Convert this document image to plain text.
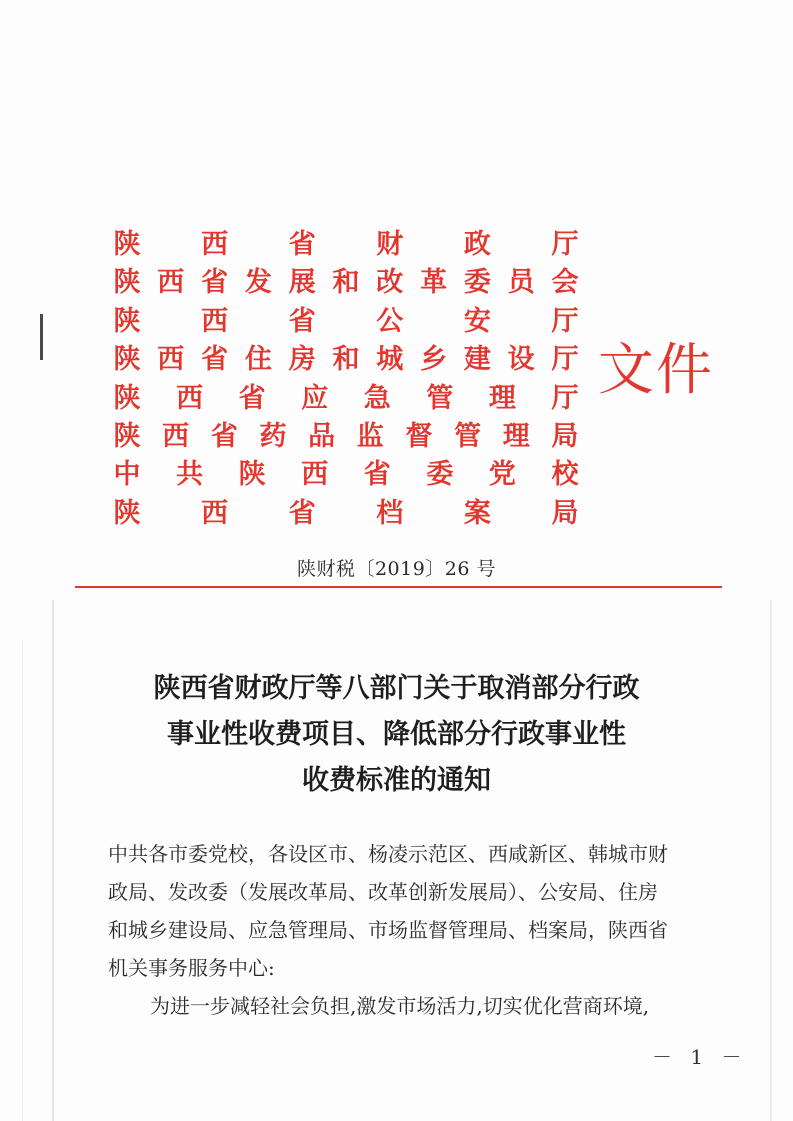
陕 西 省 财 政 厅
陕 西 省 发 展 和 改 革 委 员 会
陕 西 省 公 安 厅
陕 西 省 住 房 和 城 乡 建 设 厅
陕 西 省 应 急 管 理 厅
陕 西 省 药 品 监 督 管 理 局
中 共 陕 西 省 委 党 校
陕 西 省 档 案 局
文件
陕财税〔2019〕26 号
陕西省财政厅等八部门关于取消部分行政
事业性收费项目、降低部分行政事业性
收费标准的通知
中共各市委党校，各设区市、杨凌示范区、西咸新区、韩城市财
政局、发改委（发展改革局、改革创新发展局）、公安局、住房
和城乡建设局、应急管理局、市场监督管理局、档案局，陕西省
机关事务服务中心:
为进一步减轻社会负担,激发市场活力,切实优化营商环境,
－ 1 －
